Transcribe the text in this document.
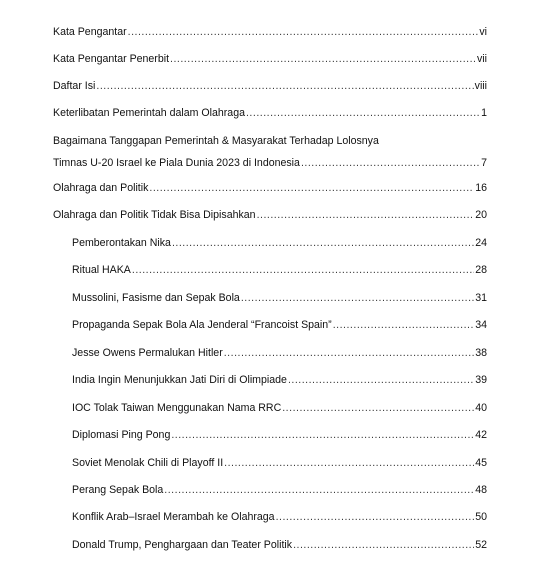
Kata Pengantar .....	vi
Kata Pengantar Penerbit .....	vii
Daftar Isi .....	viii
Keterlibatan Pemerintah dalam Olahraga .....	1
Bagaimana Tanggapan Pemerintah & Masyarakat Terhadap Lolosnya
Timnas U-20 Israel ke Piala Dunia 2023 di Indonesia .....	7
Olahraga dan Politik .....	16
Olahraga dan Politik Tidak Bisa Dipisahkan .....	20
Pemberontakan Nika .....	24
Ritual HAKA .....	28
Mussolini, Fasisme dan Sepak Bola .....	31
Propaganda Sepak Bola Ala Jenderal “Francoist Spain” .....	34
Jesse Owens Permalukan Hitler .....	38
India Ingin Menunjukkan Jati Diri di Olimpiade .....	39
IOC Tolak Taiwan Menggunakan Nama RRC .....	40
Diplomasi Ping Pong .....	42
Soviet Menolak Chili di Playoff II .....	45
Perang Sepak Bola .....	48
Konflik Arab–Israel Merambah ke Olahraga .....	50
Donald Trump, Penghargaan dan Teater Politik .....	52
